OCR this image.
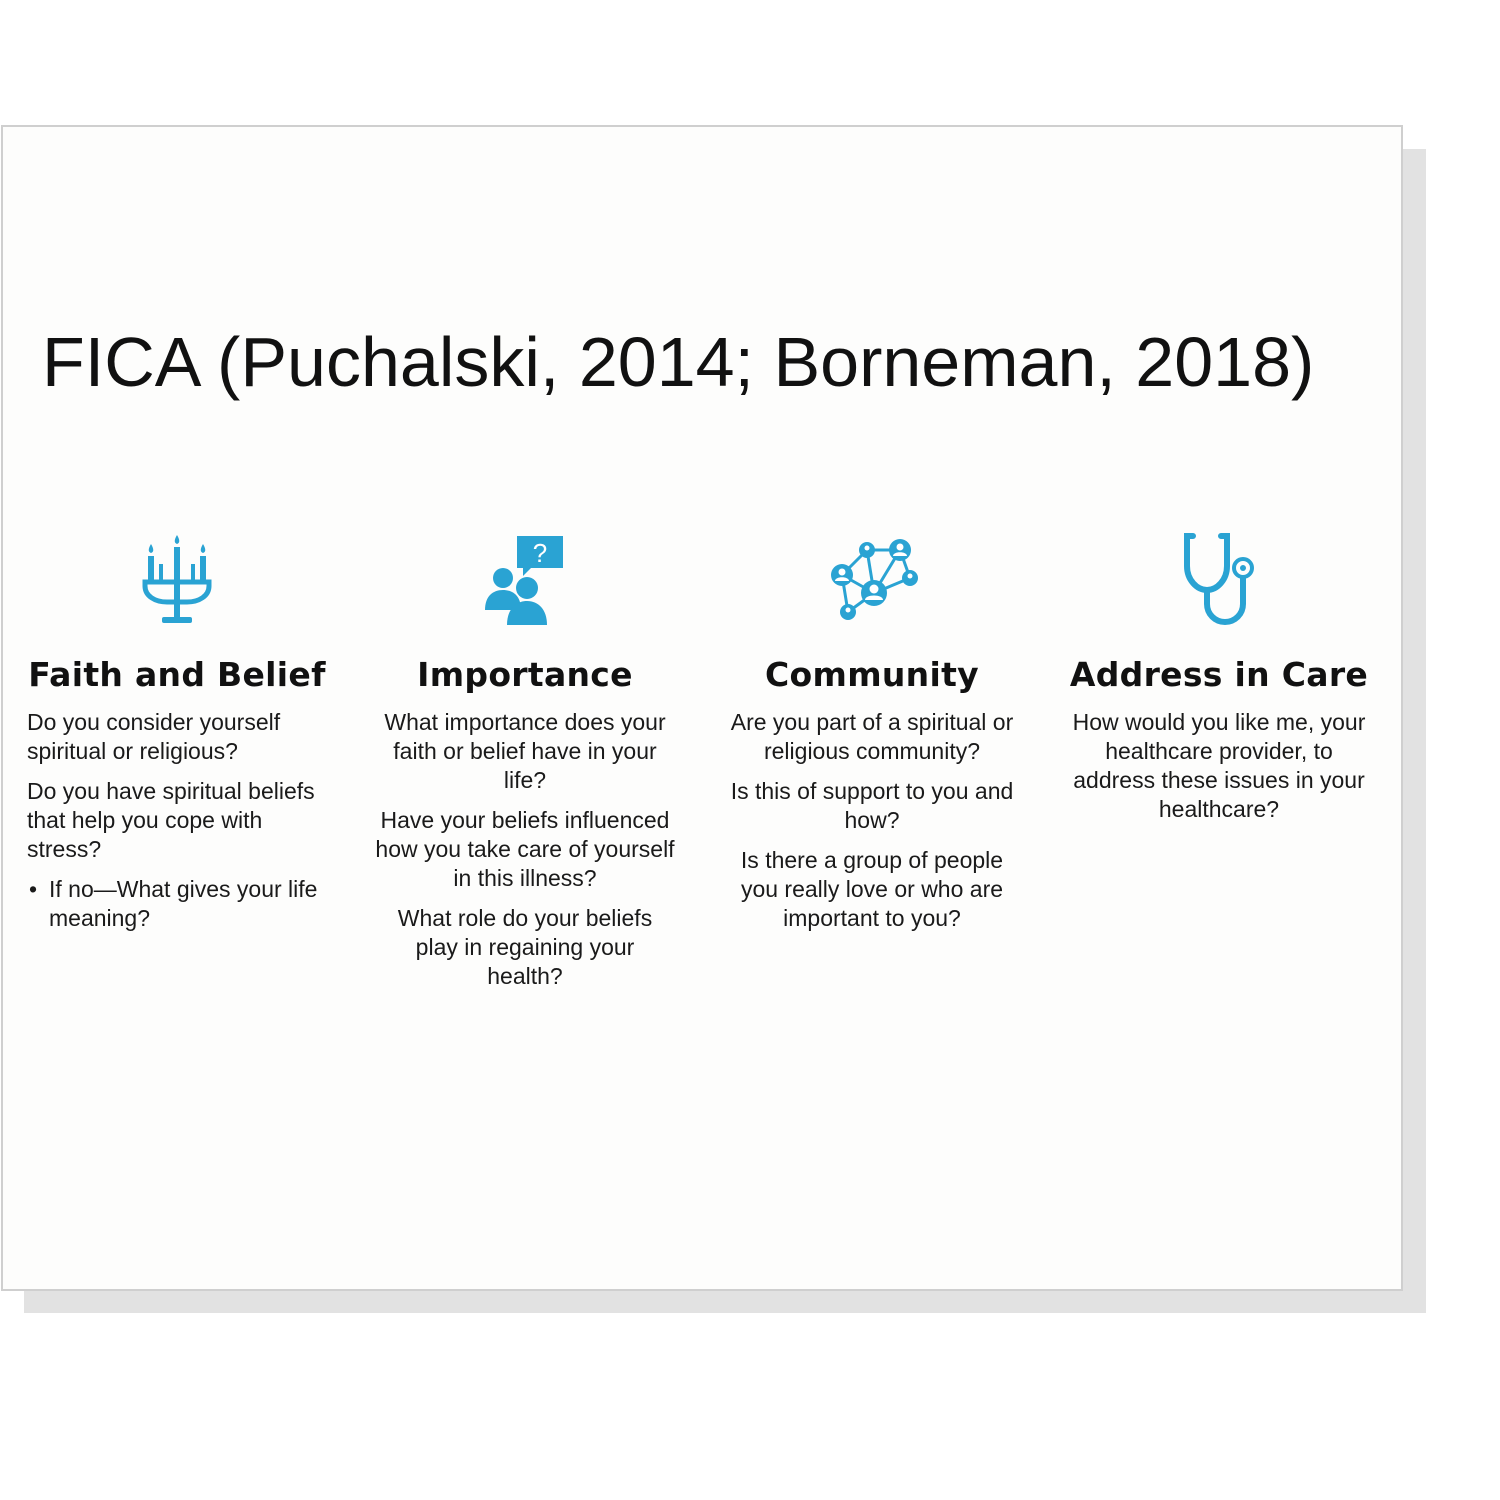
FICA (Puchalski, 2014; Borneman, 2018)
Faith and Belief

Do you consider yourself spiritual or religious?

Do you have spiritual beliefs that help you cope with stress?

• If no—What gives your life meaning?
?
Importance

What importance does your faith or belief have in your life?

Have your beliefs influenced how you take care of yourself in this illness?

What role do your beliefs play in regaining your health?

Community

Are you part of a spiritual or religious community?

Is this of support to you and how?

Is there a group of people you really love or who are important to you?

Address in Care

How would you like me, your healthcare provider, to address these issues in your healthcare?
